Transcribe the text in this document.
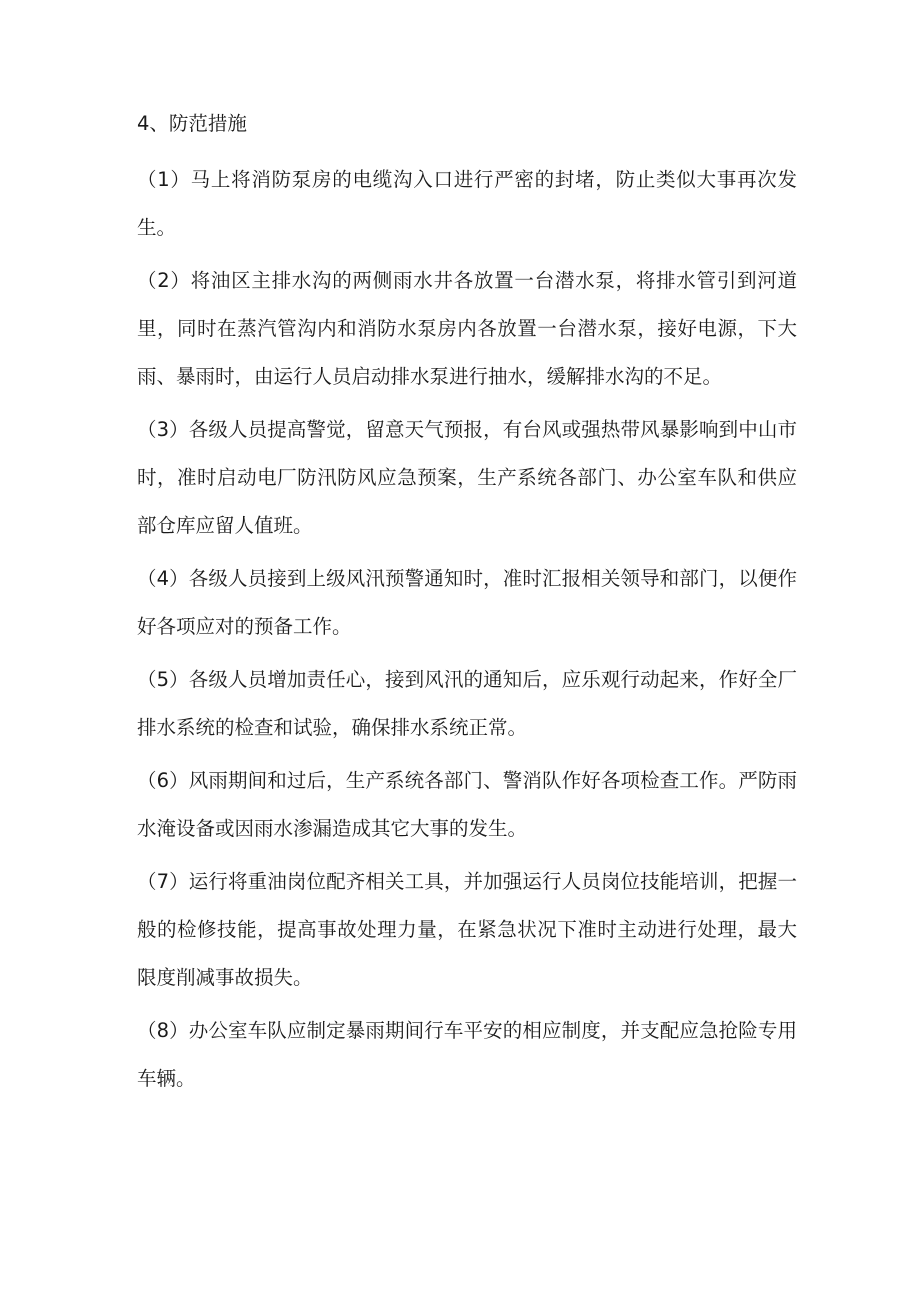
4、防范措施

（1）马上将消防泵房的电缆沟入口进行严密的封堵，防止类似大事再次发生。

（2）将油区主排水沟的两侧雨水井各放置一台潜水泵，将排水管引到河道里，同时在蒸汽管沟内和消防水泵房内各放置一台潜水泵，接好电源，下大雨、暴雨时，由运行人员启动排水泵进行抽水，缓解排水沟的不足。

（3）各级人员提高警觉，留意天气预报，有台风或强热带风暴影响到中山市时，准时启动电厂防汛防风应急预案，生产系统各部门、办公室车队和供应部仓库应留人值班。

（4）各级人员接到上级风汛预警通知时，准时汇报相关领导和部门，以便作好各项应对的预备工作。

（5）各级人员增加责任心，接到风汛的通知后，应乐观行动起来，作好全厂排水系统的检查和试验，确保排水系统正常。

（6）风雨期间和过后，生产系统各部门、警消队作好各项检查工作。严防雨水淹设备或因雨水渗漏造成其它大事的发生。

（7）运行将重油岗位配齐相关工具，并加强运行人员岗位技能培训，把握一般的检修技能，提高事故处理力量，在紧急状况下准时主动进行处理，最大限度削减事故损失。

（8）办公室车队应制定暴雨期间行车平安的相应制度，并支配应急抢险专用车辆。
